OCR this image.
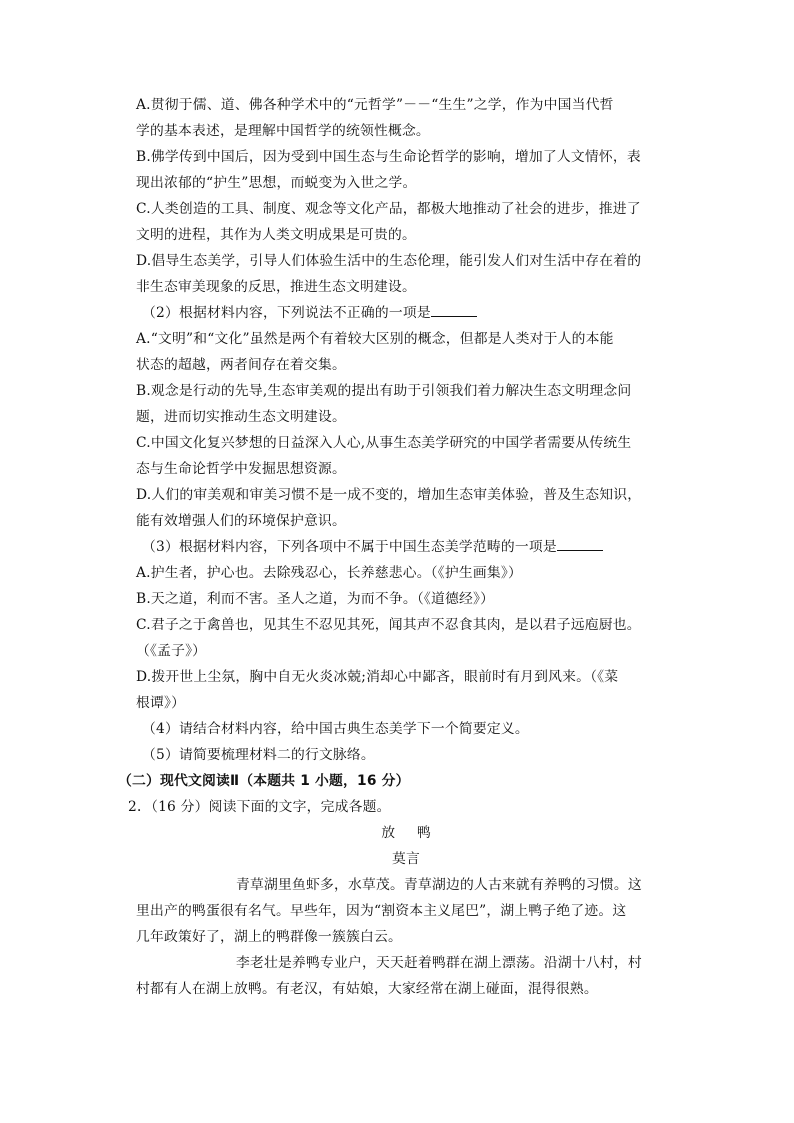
A.贯彻于儒、道、佛各种学术中的“元哲学”－－“生生”之学，作为中国当代哲

学的基本表述，是理解中国哲学的统领性概念。

B.佛学传到中国后，因为受到中国生态与生命论哲学的影响，增加了人文情怀，表

现出浓郁的“护生”思想，而蜕变为入世之学。

C.人类创造的工具、制度、观念等文化产品，都极大地推动了社会的进步，推进了

文明的进程，其作为人类文明成果是可贵的。

D.倡导生态美学，引导人们体验生活中的生态伦理，能引发人们对生活中存在着的

非生态审美现象的反思，推进生态文明建设。

（2）根据材料内容，下列说法不正确的一项是

A.“文明”和“文化”虽然是两个有着较大区别的概念，但都是人类对于人的本能

状态的超越，两者间存在着交集。

B.观念是行动的先导,生态审美观的提出有助于引领我们着力解决生态文明理念问

题，进而切实推动生态文明建设。

C.中国文化复兴梦想的日益深入人心,从事生态美学研究的中国学者需要从传统生

态与生命论哲学中发掘思想资源。

D.人们的审美观和审美习惯不是一成不变的，增加生态审美体验，普及生态知识，

能有效增强人们的环境保护意识。

（3）根据材料内容，下列各项中不属于中国生态美学范畴的一项是

A.护生者，护心也。去除残忍心，长养慈悲心。（《护生画集》）

B.天之道，利而不害。圣人之道，为而不争。（《道德经》）

C.君子之于禽兽也，见其生不忍见其死，闻其声不忍食其肉，是以君子远庖厨也。

（《孟子》）

D.拨开世上尘氛，胸中自无火炎冰兢;消却心中鄙吝，眼前时有月到风来。（《菜

根谭》）

（4）请结合材料内容，给中国古典生态美学下一个简要定义。

（5）请简要梳理材料二的行文脉络。

（二）现代文阅读Ⅱ（本题共 1 小题，16 分）

2．（16 分）阅读下面的文字，完成各题。

放鸭

莫言

青草湖里鱼虾多，水草茂。青草湖边的人古来就有养鸭的习惯。这

里出产的鸭蛋很有名气。早些年，因为“割资本主义尾巴”，湖上鸭子绝了迹。这

几年政策好了，湖上的鸭群像一簇簇白云。

李老壮是养鸭专业户，天天赶着鸭群在湖上漂荡。沿湖十八村，村

村都有人在湖上放鸭。有老汉，有姑娘，大家经常在湖上碰面，混得很熟。
